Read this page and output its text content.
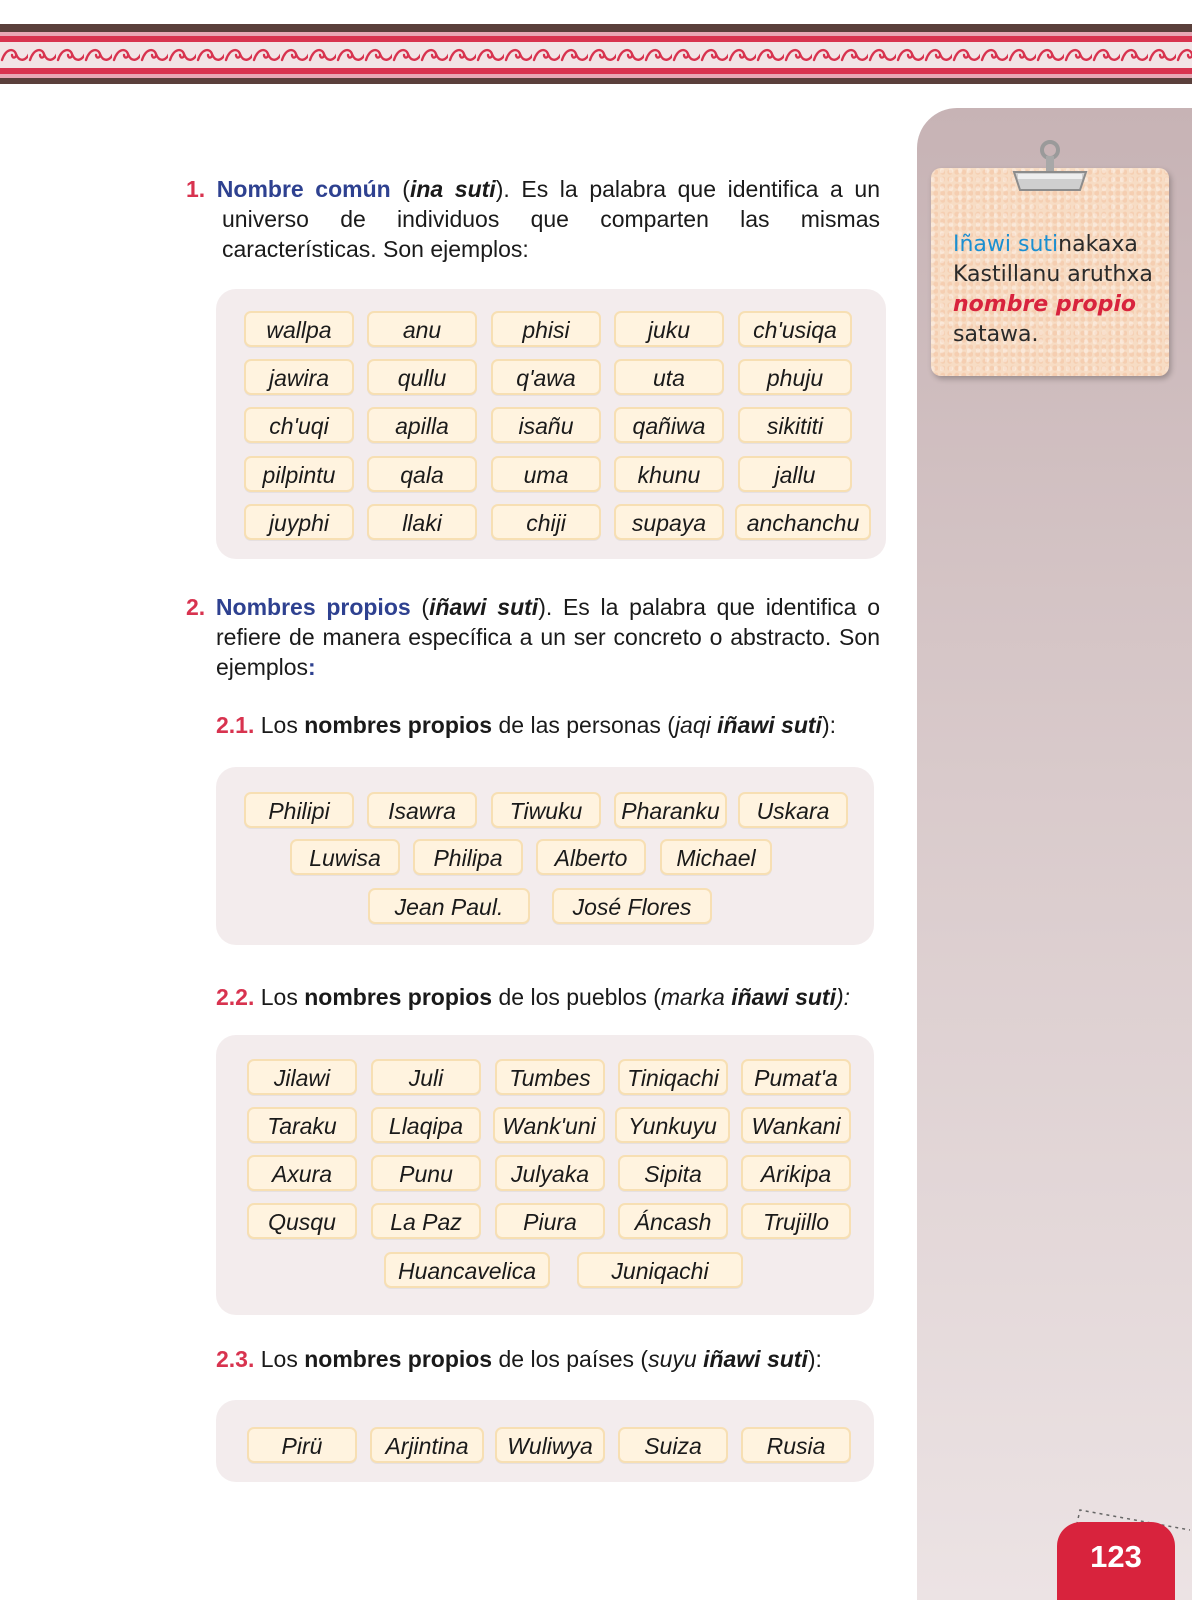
Iñawi sutinakaxa
Kastillanu aruthxa
nombre propio
satawa.
1. Nombre común (ina suti). Es la palabra que identifica a un universo de individuos que comparten las mismas características. Son ejemplos:
wallpa	anu	phisi	juku	ch'usiqa
jawira	qullu	q'awa	uta	phuju
ch'uqi	apilla	isañu	qañiwa	sikititi
pilpintu	qala	uma	khunu	jallu
juyphi	llaki	chiji	supaya	anchanchu
2. Nombres propios (iñawi suti). Es la palabra que identifica o refiere de manera específica a un ser concreto o abstracto. Son ejemplos:
2.1. Los nombres propios de las personas (jaqi iñawi suti):
Philipi	Isawra	Tiwuku	Pharanku	Uskara
Luwisa	Philipa	Alberto	Michael
Jean Paul.	José Flores
2.2. Los nombres propios de los pueblos (marka iñawi suti):
Jilawi	Juli	Tumbes	Tiniqachi	Pumat'a
Taraku	Llaqipa	Wank'uni	Yunkuyu	Wankani
Axura	Punu	Julyaka	Sipita	Arikipa
Qusqu	La Paz	Piura	Áncash	Trujillo
Huancavelica	Juniqachi
2.3. Los nombres propios de los países (suyu iñawi suti):
Pirü	Arjintina	Wuliwya	Suiza	Rusia
123
